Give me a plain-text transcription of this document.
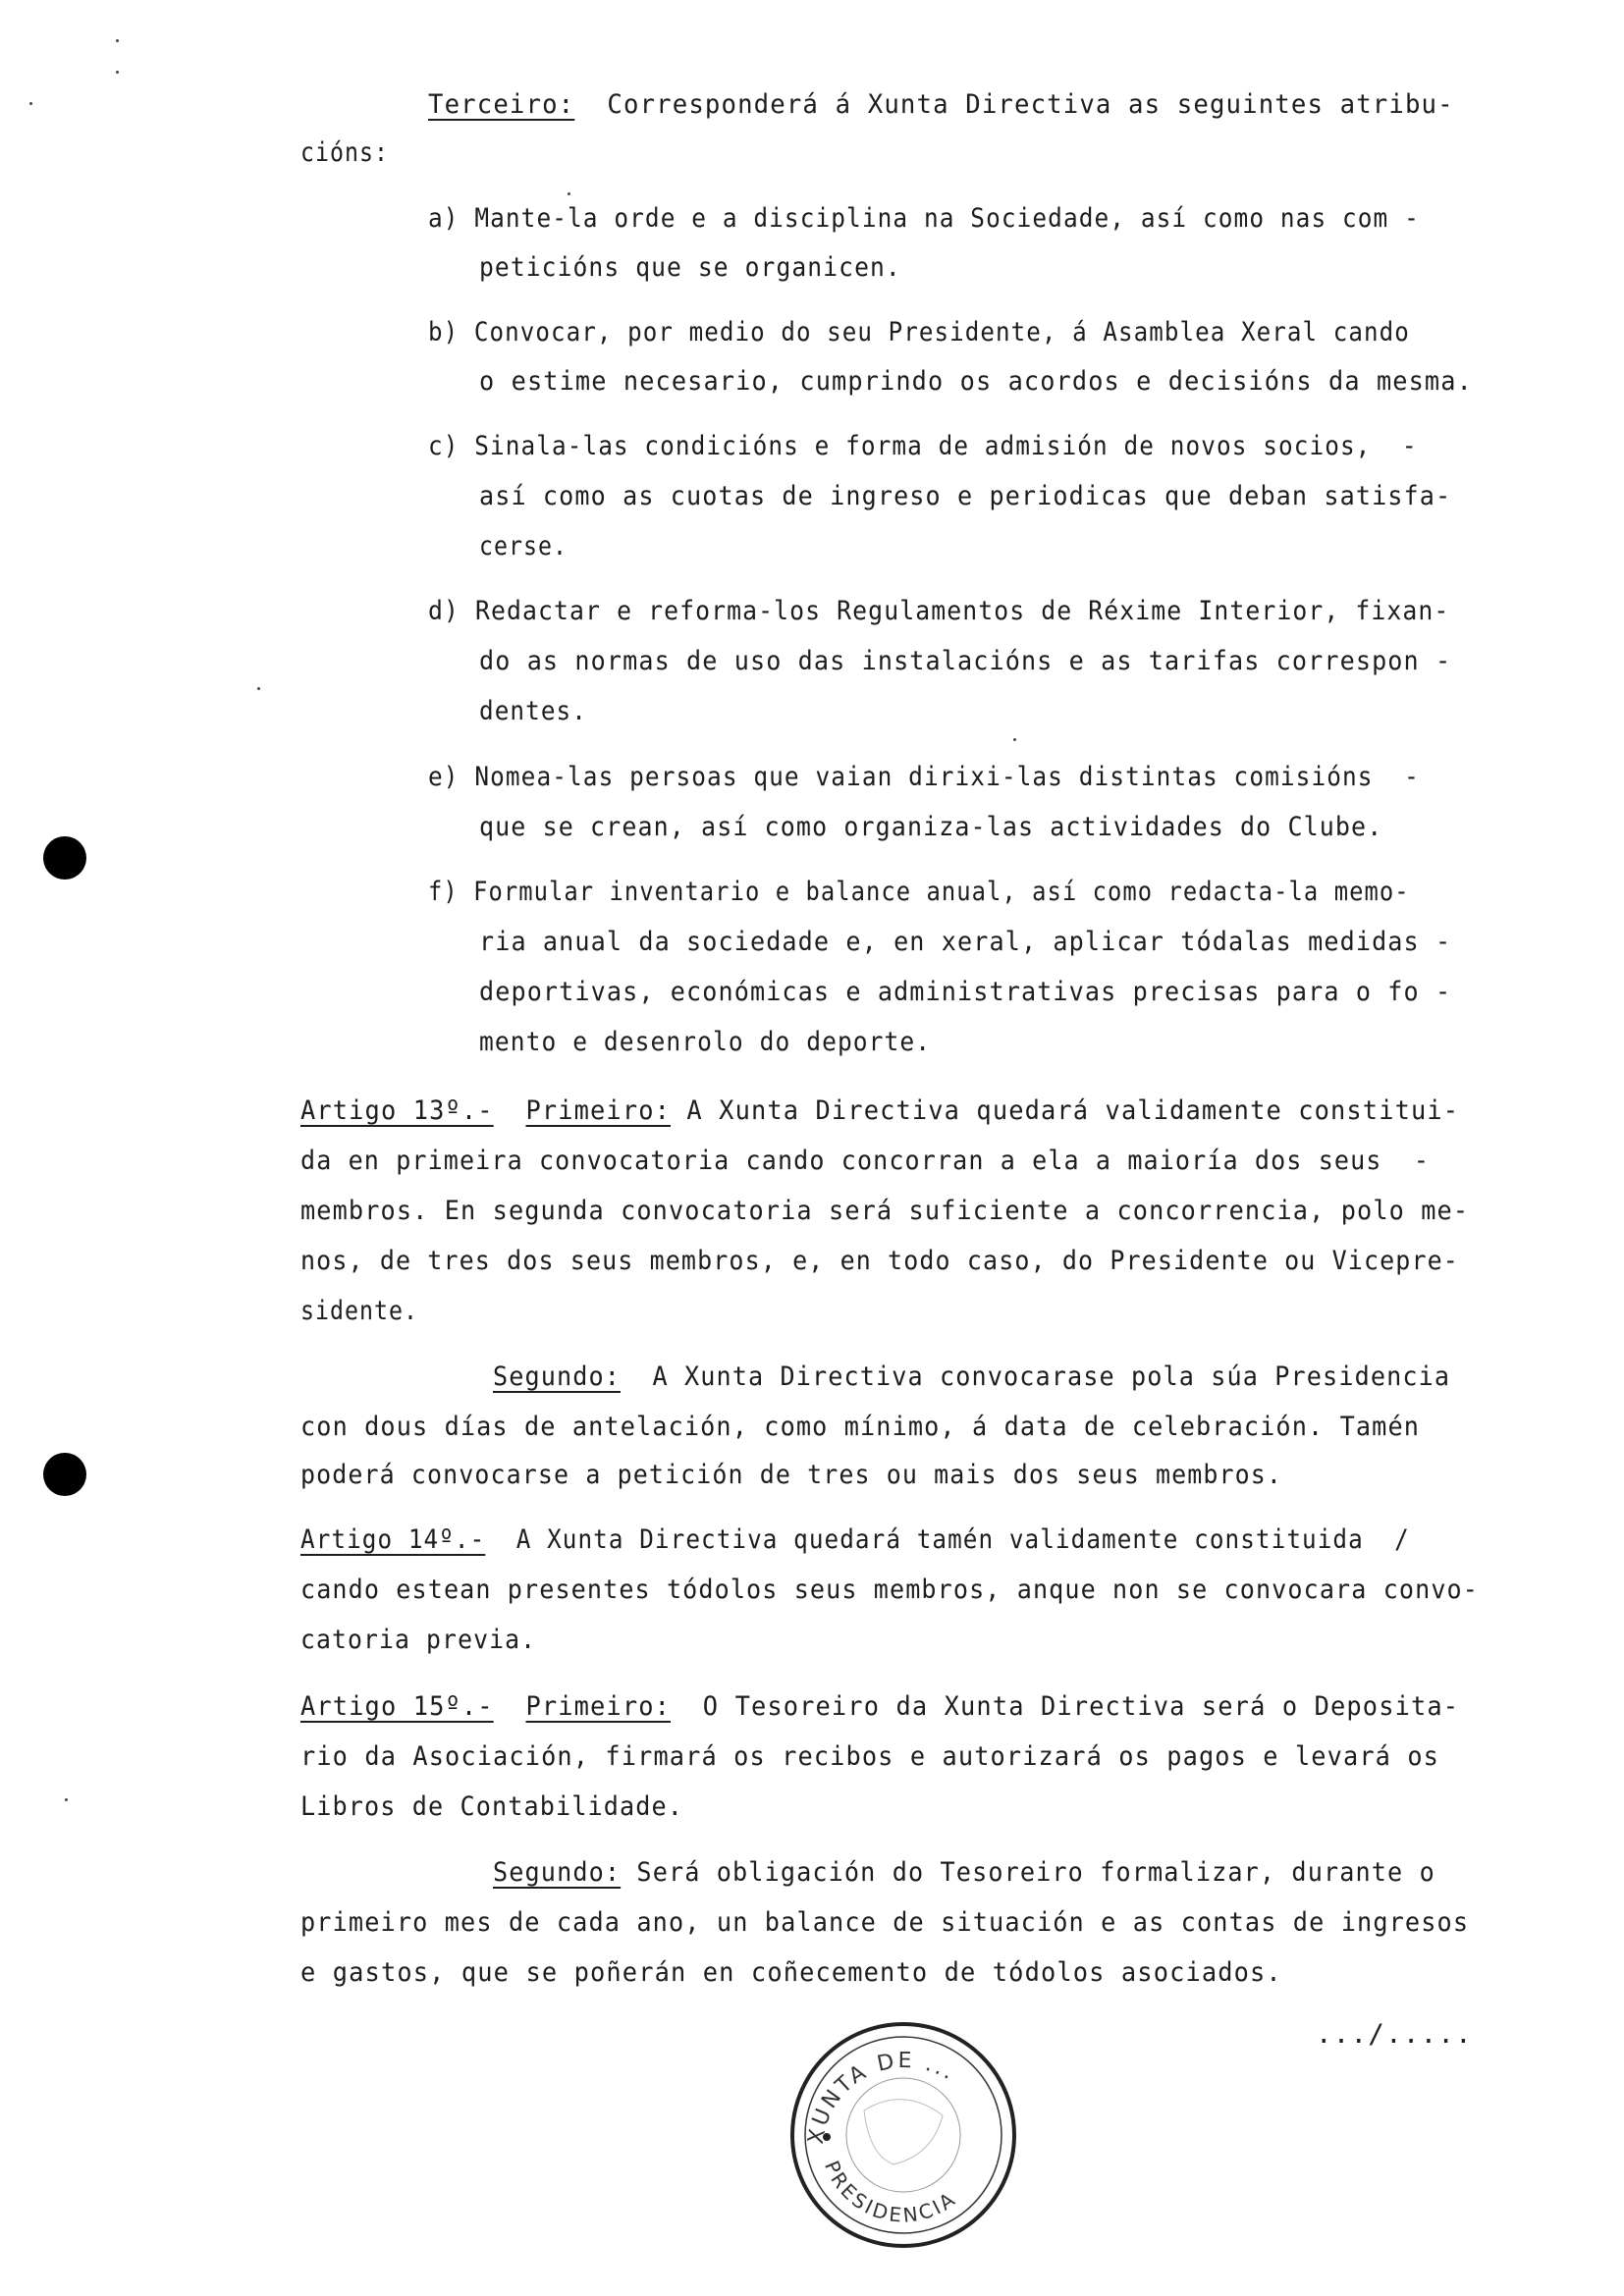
Terceiro:  Corresponderá á Xunta Directiva as seguintes atribu-
cións:
a) Mante-la orde e a disciplina na Sociedade, así como nas com -
peticións que se organicen.
b) Convocar, por medio do seu Presidente, á Asamblea Xeral cando
o estime necesario, cumprindo os acordos e decisións da mesma.
c) Sinala-las condicións e forma de admisión de novos socios,  -
así como as cuotas de ingreso e periodicas que deban satisfa-
cerse.
d) Redactar e reforma-los Regulamentos de Réxime Interior, fixan-
do as normas de uso das instalacións e as tarifas correspon -
dentes.
e) Nomea-las persoas que vaian dirixi-las distintas comisións  -
que se crean, así como organiza-las actividades do Clube.
f) Formular inventario e balance anual, así como redacta-la memo-
ria anual da sociedade e, en xeral, aplicar tódalas medidas -
deportivas, económicas e administrativas precisas para o fo -
mento e desenrolo do deporte.
Artigo 13º.- Primeiro: A Xunta Directiva quedará validamente constitui-
da en primeira convocatoria cando concorran a ela a maioría dos seus  -
membros. En segunda convocatoria será suficiente a concorrencia, polo me-
nos, de tres dos seus membros, e, en todo caso, do Presidente ou Vicepre-
sidente.
Segundo:  A Xunta Directiva convocarase pola súa Presidencia
con dous días de antelación, como mínimo, á data de celebración. Tamén
poderá convocarse a petición de tres ou mais dos seus membros.
Artigo 14º.-  A Xunta Directiva quedará tamén validamente constituida  /
cando estean presentes tódolos seus membros, anque non se convocara convo-
catoria previa.
Artigo 15º.- Primeiro:  O Tesoreiro da Xunta Directiva será o Deposita-
rio da Asociación, firmará os recibos e autorizará os pagos e levará os
Libros de Contabilidade.
Segundo: Será obligación do Tesoreiro formalizar, durante o
primeiro mes de cada ano, un balance de situación e as contas de ingresos
e gastos, que se poñerán en coñecemento de tódolos asociados.
.../.....
XUNTA DE ...
PRESIDENCIA
